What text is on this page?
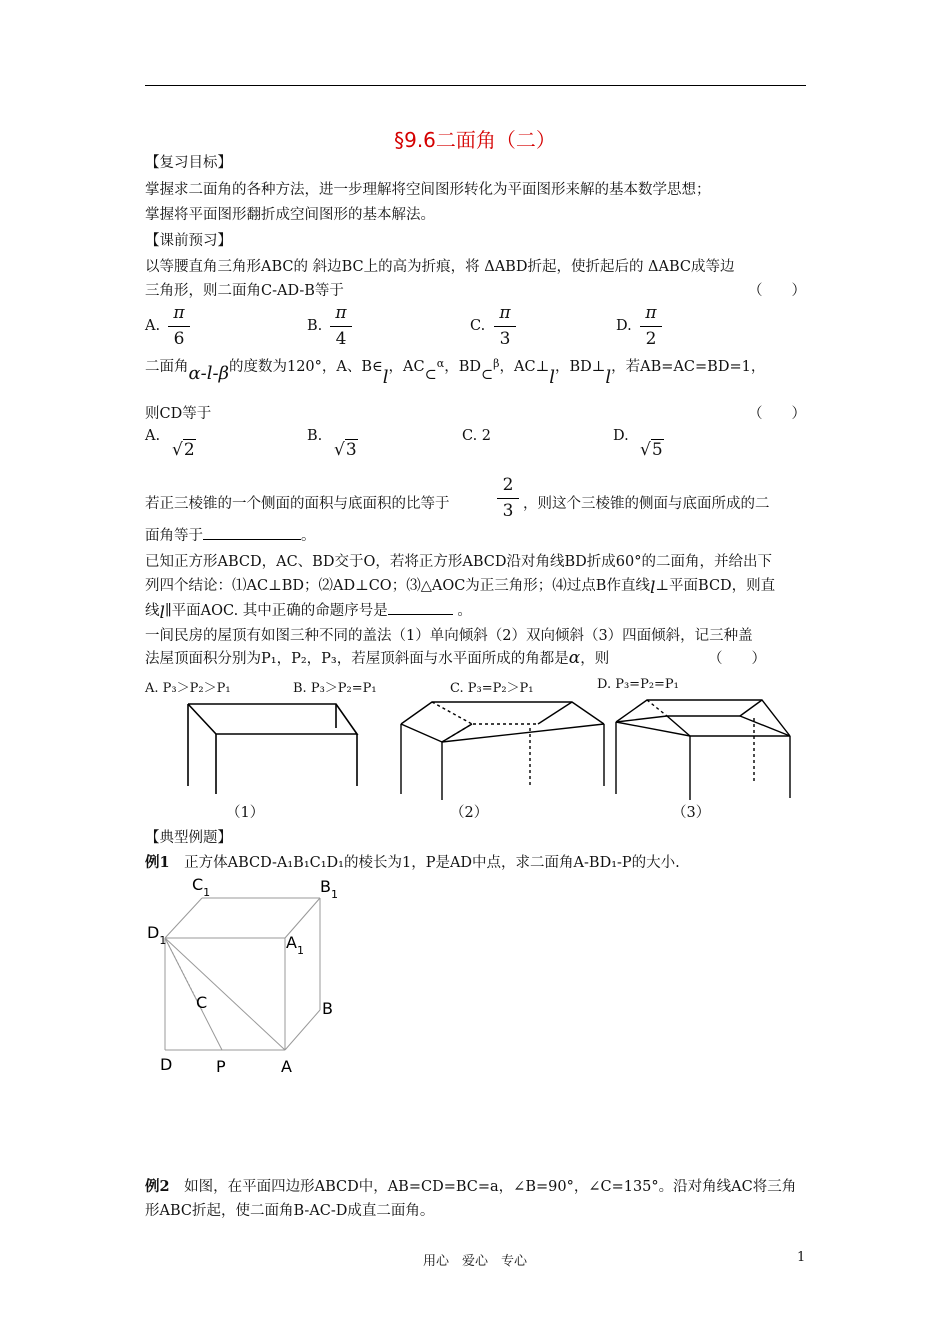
§9.6二面角（二）
【复习目标】
掌握求二面角的各种方法，进一步理解将空间图形转化为平面图形来解的基本数学思想；
掌握将平面图形翻折成空间图形的基本解法。
【课前预习】
以等腰直角三角形ABC的 斜边BC上的高为折痕，将 ΔABD折起，使折起后的 ΔABC成等边
三角形，则二面角C-AD-B等于	（　　）
A.
π
6
B.
π
4
C.
π
3
D.
π
2
二面角α-l-β的度数为120°，A、B∈l，AC⊂$^\alpha$，BD⊂$^\beta$，AC⊥l，BD⊥l，若AB=AC=BD=1，
则CD等于	（　　）
A.
√2
B.
√3
C. 2	D.
√5
若正三棱锥的一个侧面的面积与底面积的比等于
2
3 ，则这个三棱锥的侧面与底面所成的二
面角等于	。
已知正方形ABCD，AC、BD交于O，若将正方形ABCD沿对角线BD折成60°的二面角，并给出下
列四个结论：⑴AC⊥BD；⑵AD⊥CO；⑶△AOC为正三角形；⑷过点B作直线l⊥平面BCD，则直
线l∥平面AOC. 其中正确的命题序号是	。
一间民房的屋顶有如图三种不同的盖法（1）单向倾斜（2）双向倾斜（3）四面倾斜，记三种盖
法屋顶面积分别为P₁，P₂，P₃，若屋顶斜面与水平面所成的角都是α，则	（　　）
A. P₃＞P₂＞P₁	B. P₃＞P₂=P₁	C. P₃=P₂＞P₁	D. P₃=P₂=P₁
（1）	（2）	（3）
【典型例题】
例1　正方体ABCD-A₁B₁C₁D₁的棱长为1，P是AD中点，求二面角A-BD₁-P的大小.
$C_1$	$B_1$
$D_1$	$A_1$
C	B
D	P	A
例2　如图，在平面四边形ABCD中，AB=CD=BC=a，∠B=90°，∠C=135°。沿对角线AC将三角
形ABC折起，使二面角B-AC-D成直二面角。
用心　爱心　专心	1
